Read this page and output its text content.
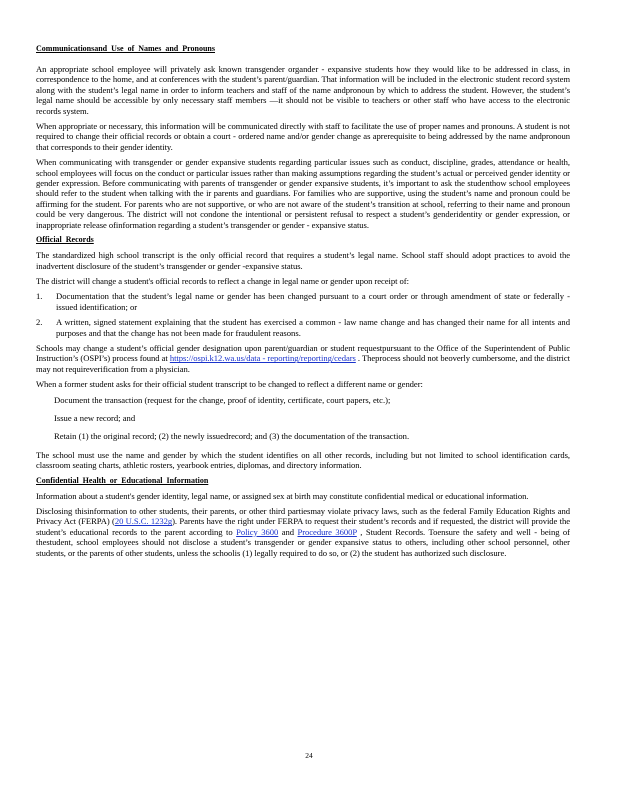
Communicationsand Use of Names and Pronouns

An appropriate school employee will privately ask known transgender organder - expansive students how they would like to be addressed in class, in correspondence to the home, and at conferences with the student’s parent/guardian. That information will be included in the electronic student record system along with the student’s legal name in order to inform teachers and staff of the name andpronoun by which to address the student. However, the student’s legal name should be accessible by only necessary staff members —it should not be visible to teachers or other staff who have access to the electronic records system.

When appropriate or necessary, this information will be communicated directly with staff to facilitate the use of proper names and pronouns. A student is not required to change their official records or obtain a court - ordered name and/or gender change as aprerequisite to being addressed by the name andpronoun that corresponds to their gender identity.

When communicating with transgender or gender expansive students regarding particular issues such as conduct, discipline, grades, attendance or health, school employees will focus on the conduct or particular issues rather than making assumptions regarding the student’s actual or perceived gender identity or gender expression. Before communicating with parents of transgender or gender expansive students, it’s important to ask the studenthow school employees should refer to the student when talking with the ir parents and guardians. For families who are supportive, using the student’s name and pronoun could be affirming for the student. For parents who are not supportive, or who are not aware of the student’s transition at school, referring to their name and pronoun could be very dangerous. The district will not condone the intentional or persistent refusal to respect a student’s genderidentity or gender expression, or inappropriate release ofinformation regarding a student’s transgender or gender - expansive status.

Official Records

The standardized high school transcript is the only official record that requires a student’s legal name. School staff should adopt practices to avoid the inadvertent disclosure of the student’s transgender or gender -expansive status.

The district will change a student's official records to reflect a change in legal name or gender upon receipt of:

1.	Documentation that the student’s legal name or gender has been changed pursuant to a court order or through amendment of state or federally - issued identification; or
2.	A written, signed statement explaining that the student has exercised a common - law name change and has changed their name for all intents and purposes and that the change has not been made for fraudulent reasons.

Schools may change a student’s official gender designation upon parent/guardian or student requestpursuant to the Office of the Superintendent of Public Instruction’s (OSPI’s) process found at https://ospi.k12.wa.us/data - reporting/reporting/cedars . Theprocess should not beoverly cumbersome, and the district may not requireverification from a physician.

When a former student asks for their official student transcript to be changed to reflect a different name or gender:

Document the transaction (request for the change, proof of identity, certificate, court papers, etc.);
Issue a new record; and
Retain (1) the original record; (2) the newly issuedrecord; and (3) the documentation of the transaction.

The school must use the name and gender by which the student identifies on all other records, including but not limited to school identification cards, classroom seating charts, athletic rosters, yearbook entries, diplomas, and directory information.

Confidential Health or Educational Information

Information about a student's gender identity, legal name, or assigned sex at birth may constitute confidential medical or educational information.

Disclosing thisinformation to other students, their parents, or other third partiesmay violate privacy laws, such as the federal Family Education Rights and Privacy Act (FERPA) (20 U.S.C. 1232g). Parents have the right under FERPA to request their student’s records and if requested, the district will provide the student’s educational records to the parent according to Policy 3600 and Procedure 3600P , Student Records. Toensure the safety and well - being of thestudent, school employees should not disclose a student’s transgender or gender expansive status to others, including other school personnel, other students, or the parents of other students, unless the schoolis (1) legally required to do so, or (2) the student has authorized such disclosure.

24
